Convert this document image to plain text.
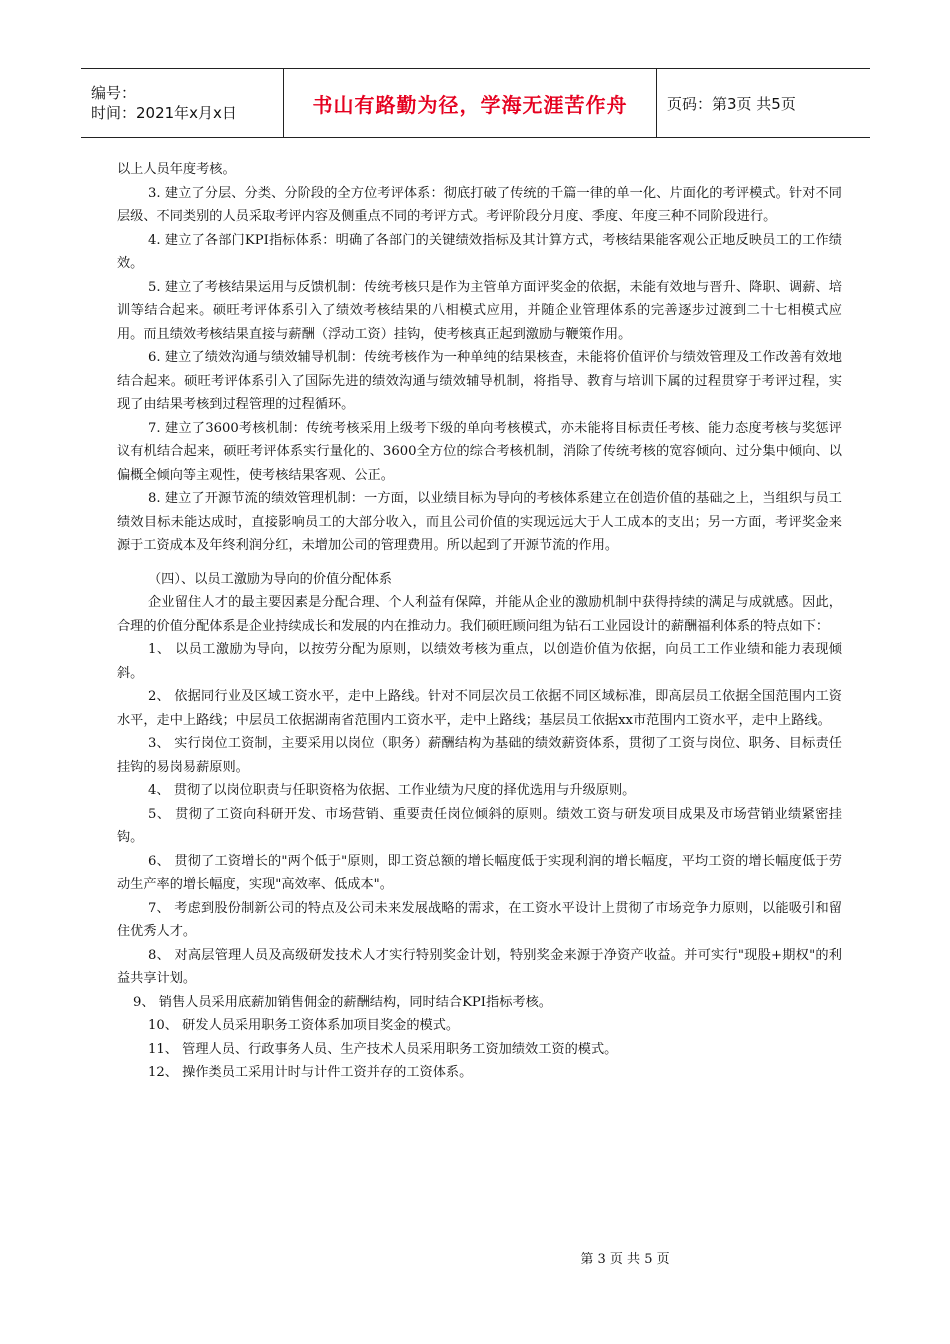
编号：
时间：2021年x月x日	书山有路勤为径，学海无涯苦作舟	页码：第3页 共5页

以上人员年度考核。

3. 建立了分层、分类、分阶段的全方位考评体系：彻底打破了传统的千篇一律的单一化、片面化的考评模式。针对不同层级、不同类别的人员采取考评内容及侧重点不同的考评方式。考评阶段分月度、季度、年度三种不同阶段进行。

4. 建立了各部门KPI指标体系：明确了各部门的关键绩效指标及其计算方式，考核结果能客观公正地反映员工的工作绩效。

5. 建立了考核结果运用与反馈机制：传统考核只是作为主管单方面评奖金的依据，未能有效地与晋升、降职、调薪、培训等结合起来。硕旺考评体系引入了绩效考核结果的八相模式应用，并随企业管理体系的完善逐步过渡到二十七相模式应用。而且绩效考核结果直接与薪酬（浮动工资）挂钩，使考核真正起到激励与鞭策作用。

6. 建立了绩效沟通与绩效辅导机制：传统考核作为一种单纯的结果核查，未能将价值评价与绩效管理及工作改善有效地结合起来。硕旺考评体系引入了国际先进的绩效沟通与绩效辅导机制，将指导、教育与培训下属的过程贯穿于考评过程，实现了由结果考核到过程管理的过程循环。

7. 建立了3600考核机制：传统考核采用上级考下级的单向考核模式，亦未能将目标责任考核、能力态度考核与奖惩评议有机结合起来，硕旺考评体系实行量化的、3600全方位的综合考核机制，消除了传统考核的宽容倾向、过分集中倾向、以偏概全倾向等主观性，使考核结果客观、公正。

8. 建立了开源节流的绩效管理机制：一方面，以业绩目标为导向的考核体系建立在创造价值的基础之上，当组织与员工绩效目标未能达成时，直接影响员工的大部分收入，而且公司价值的实现远远大于人工成本的支出；另一方面，考评奖金来源于工资成本及年终利润分红，未增加公司的管理费用。所以起到了开源节流的作用。

（四）、以员工激励为导向的价值分配体系

企业留住人才的最主要因素是分配合理、个人利益有保障，并能从企业的激励机制中获得持续的满足与成就感。因此，合理的价值分配体系是企业持续成长和发展的内在推动力。我们硕旺顾问组为钻石工业园设计的薪酬福利体系的特点如下：

1、 以员工激励为导向，以按劳分配为原则，以绩效考核为重点，以创造价值为依据，向员工工作业绩和能力表现倾斜。

2、 依据同行业及区域工资水平，走中上路线。针对不同层次员工依据不同区域标准，即高层员工依据全国范围内工资水平，走中上路线；中层员工依据湖南省范围内工资水平，走中上路线；基层员工依据xx市范围内工资水平，走中上路线。

3、 实行岗位工资制，主要采用以岗位（职务）薪酬结构为基础的绩效薪资体系，贯彻了工资与岗位、职务、目标责任挂钩的易岗易薪原则。

4、 贯彻了以岗位职责与任职资格为依据、工作业绩为尺度的择优选用与升级原则。

5、 贯彻了工资向科研开发、市场营销、重要责任岗位倾斜的原则。绩效工资与研发项目成果及市场营销业绩紧密挂钩。

6、 贯彻了工资增长的"两个低于"原则，即工资总额的增长幅度低于实现利润的增长幅度，平均工资的增长幅度低于劳动生产率的增长幅度，实现"高效率、低成本"。

7、 考虑到股份制新公司的特点及公司未来发展战略的需求，在工资水平设计上贯彻了市场竞争力原则，以能吸引和留住优秀人才。

8、 对高层管理人员及高级研发技术人才实行特别奖金计划，特别奖金来源于净资产收益。并可实行"现股+期权"的利益共享计划。

9、 销售人员采用底薪加销售佣金的薪酬结构，同时结合KPI指标考核。

10、 研发人员采用职务工资体系加项目奖金的模式。

11、 管理人员、行政事务人员、生产技术人员采用职务工资加绩效工资的模式。

12、 操作类员工采用计时与计件工资并存的工资体系。

第 3 页 共 5 页
